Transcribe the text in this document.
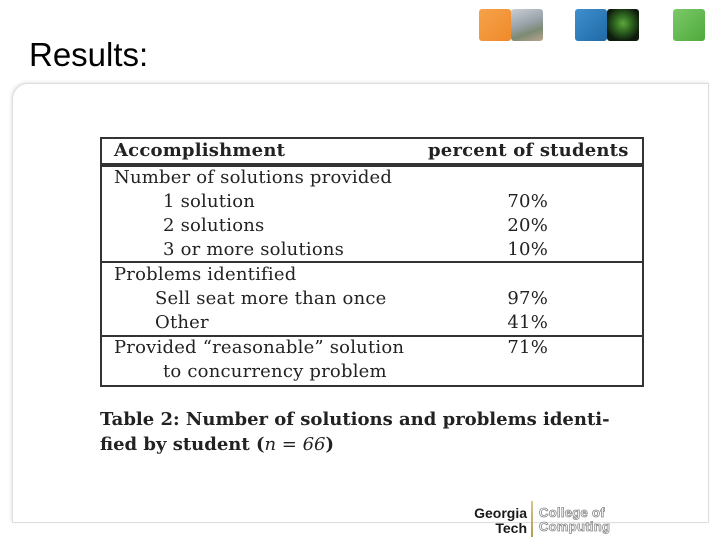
Results:
Accomplishment	percent of students
Number of solutions provided
1 solution	70%
2 solutions	20%
3 or more solutions	10%
Problems identified
Sell seat more than once	97%
Other	41%
Provided “reasonable” solution	71%
to concurrency problem

Table 2: Number of solutions and problems identi-
fied by student (n = 66)

Georgia
Tech
College of
Computing
